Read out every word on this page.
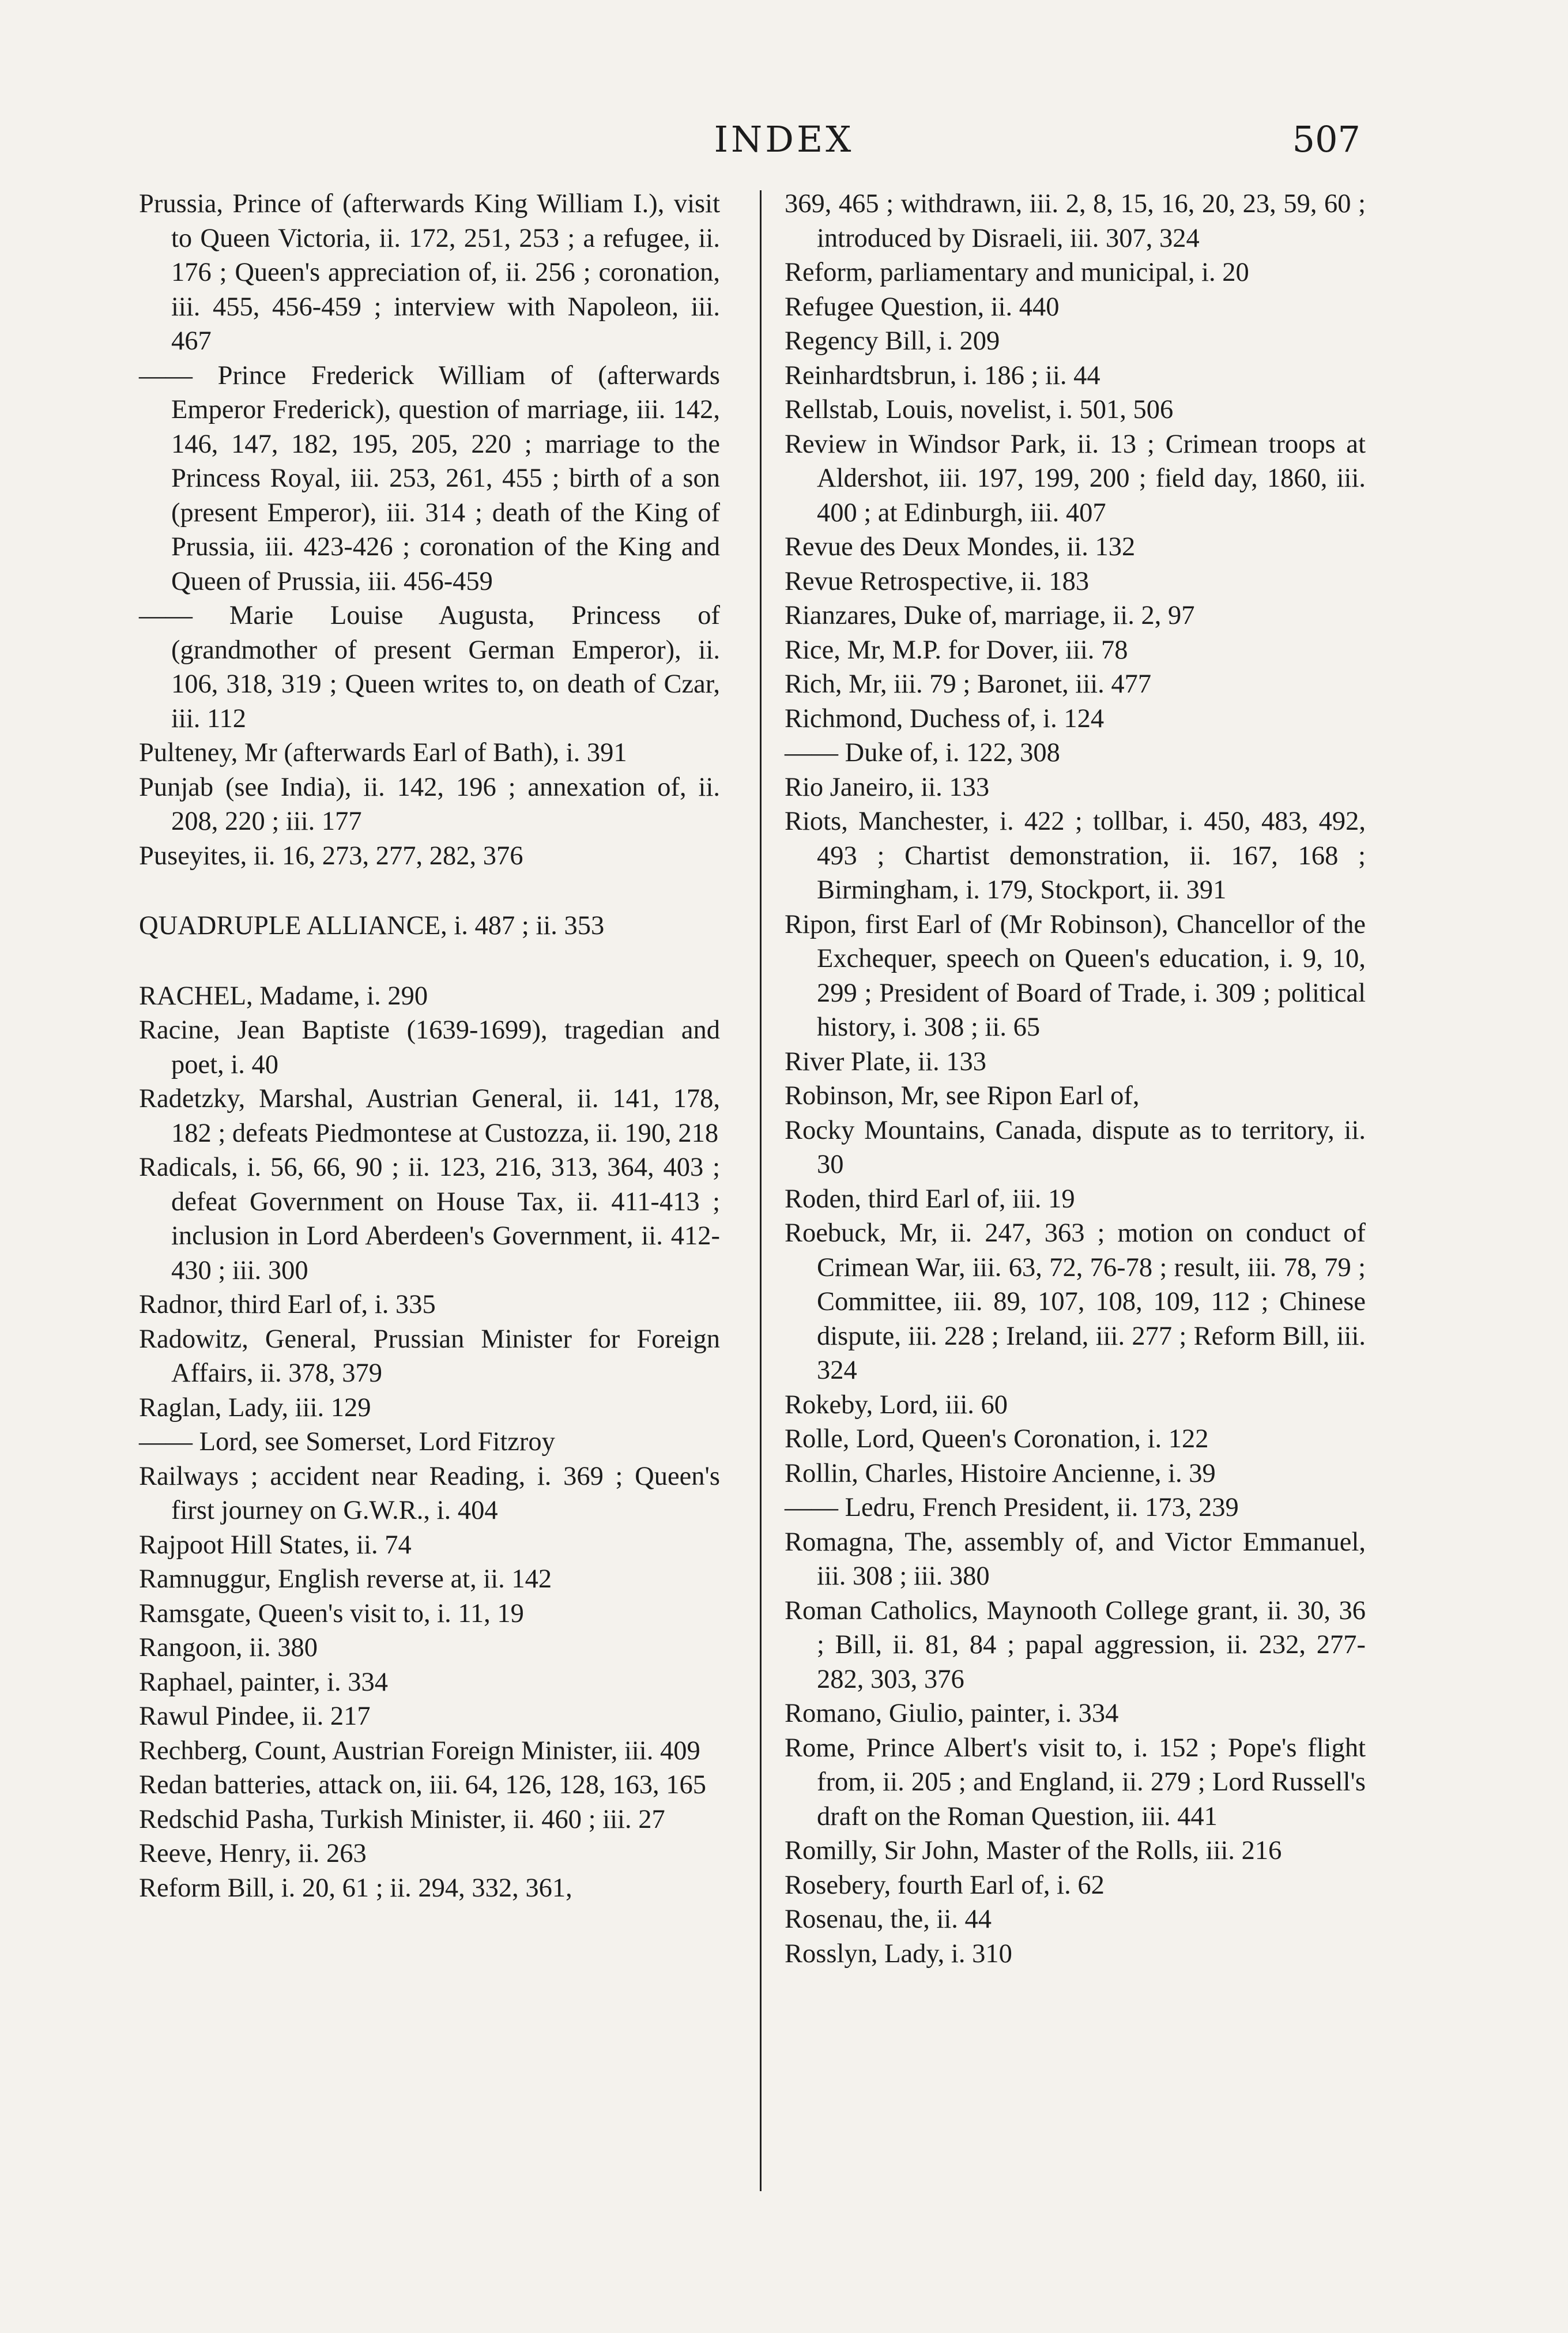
INDEX	507

Prussia, Prince of (afterwards King William I.), visit to Queen Victoria, ii. 172, 251, 253 ; a refugee, ii. 176 ; Queen's appreciation of, ii. 256 ; coronation, iii. 455, 456-459 ; interview with Napoleon, iii. 467

—— Prince Frederick William of (afterwards Emperor Frederick), question of marriage, iii. 142, 146, 147, 182, 195, 205, 220 ; marriage to the Princess Royal, iii. 253, 261, 455 ; birth of a son (present Emperor), iii. 314 ; death of the King of Prussia, iii. 423-426 ; coronation of the King and Queen of Prussia, iii. 456-459

—— Marie Louise Augusta, Princess of (grandmother of present German Emperor), ii. 106, 318, 319 ; Queen writes to, on death of Czar, iii. 112

Pulteney, Mr (afterwards Earl of Bath), i. 391

Punjab (see India), ii. 142, 196 ; annexation of, ii. 208, 220 ; iii. 177

Puseyites, ii. 16, 273, 277, 282, 376

QUADRUPLE ALLIANCE, i. 487 ; ii. 353

RACHEL, Madame, i. 290

Racine, Jean Baptiste (1639-1699), tragedian and poet, i. 40

Radetzky, Marshal, Austrian General, ii. 141, 178, 182 ; defeats Piedmontese at Custozza, ii. 190, 218

Radicals, i. 56, 66, 90 ; ii. 123, 216, 313, 364, 403 ; defeat Government on House Tax, ii. 411-413 ; inclusion in Lord Aberdeen's Government, ii. 412-430 ; iii. 300

Radnor, third Earl of, i. 335

Radowitz, General, Prussian Minister for Foreign Affairs, ii. 378, 379

Raglan, Lady, iii. 129

—— Lord, see Somerset, Lord Fitzroy

Railways ; accident near Reading, i. 369 ; Queen's first journey on G.W.R., i. 404

Rajpoot Hill States, ii. 74

Ramnuggur, English reverse at, ii. 142

Ramsgate, Queen's visit to, i. 11, 19

Rangoon, ii. 380

Raphael, painter, i. 334

Rawul Pindee, ii. 217

Rechberg, Count, Austrian Foreign Minister, iii. 409

Redan batteries, attack on, iii. 64, 126, 128, 163, 165

Redschid Pasha, Turkish Minister, ii. 460 ; iii. 27

Reeve, Henry, ii. 263

Reform Bill, i. 20, 61 ; ii. 294, 332, 361,

369, 465 ; withdrawn, iii. 2, 8, 15, 16, 20, 23, 59, 60 ; introduced by Disraeli, iii. 307, 324

Reform, parliamentary and municipal, i. 20

Refugee Question, ii. 440

Regency Bill, i. 209

Reinhardtsbrun, i. 186 ; ii. 44

Rellstab, Louis, novelist, i. 501, 506

Review in Windsor Park, ii. 13 ; Crimean troops at Aldershot, iii. 197, 199, 200 ; field day, 1860, iii. 400 ; at Edinburgh, iii. 407

Revue des Deux Mondes, ii. 132

Revue Retrospective, ii. 183

Rianzares, Duke of, marriage, ii. 2, 97

Rice, Mr, M.P. for Dover, iii. 78

Rich, Mr, iii. 79 ; Baronet, iii. 477

Richmond, Duchess of, i. 124

—— Duke of, i. 122, 308

Rio Janeiro, ii. 133

Riots, Manchester, i. 422 ; tollbar, i. 450, 483, 492, 493 ; Chartist demonstration, ii. 167, 168 ; Birmingham, i. 179, Stockport, ii. 391

Ripon, first Earl of (Mr Robinson), Chancellor of the Exchequer, speech on Queen's education, i. 9, 10, 299 ; President of Board of Trade, i. 309 ; political history, i. 308 ; ii. 65

River Plate, ii. 133

Robinson, Mr, see Ripon Earl of,

Rocky Mountains, Canada, dispute as to territory, ii. 30

Roden, third Earl of, iii. 19

Roebuck, Mr, ii. 247, 363 ; motion on conduct of Crimean War, iii. 63, 72, 76-78 ; result, iii. 78, 79 ; Committee, iii. 89, 107, 108, 109, 112 ; Chinese dispute, iii. 228 ; Ireland, iii. 277 ; Reform Bill, iii. 324

Rokeby, Lord, iii. 60

Rolle, Lord, Queen's Coronation, i. 122

Rollin, Charles, Histoire Ancienne, i. 39

—— Ledru, French President, ii. 173, 239

Romagna, The, assembly of, and Victor Emmanuel, iii. 308 ; iii. 380

Roman Catholics, Maynooth College grant, ii. 30, 36 ; Bill, ii. 81, 84 ; papal aggression, ii. 232, 277-282, 303, 376

Romano, Giulio, painter, i. 334

Rome, Prince Albert's visit to, i. 152 ; Pope's flight from, ii. 205 ; and England, ii. 279 ; Lord Russell's draft on the Roman Question, iii. 441

Romilly, Sir John, Master of the Rolls, iii. 216

Rosebery, fourth Earl of, i. 62

Rosenau, the, ii. 44

Rosslyn, Lady, i. 310
